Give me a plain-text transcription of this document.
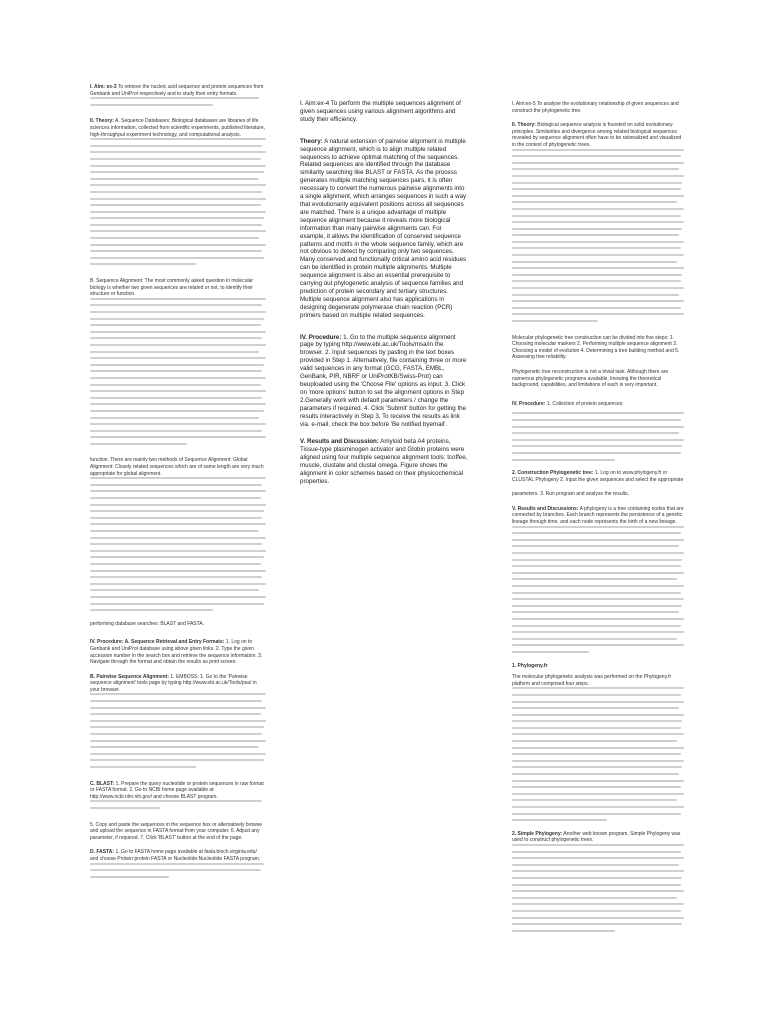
I. Aim: ex-3 To retrieve the nucleic acid sequence and protein sequences from Genbank and UniProt respectively and to study their entry formats.

II. Theory: A. Sequence Databases: Biological databases are libraries of life sciences information, collected from scientific experiments, published literature, high-throughput experiment technology, and computational analysis.

B. Sequence Alignment: The most commonly asked question in molecular biology is whether two given sequences are related or not, to identify their structure or function.

function. There are mainly two methods of Sequence Alignment: Global Alignment: Closely related sequences which are of same length are very much appropriate for global alignment.

performing database searches: BLAST and FASTA.

IV. Procedure: A. Sequence Retrieval and Entry Formats: 1. Log on to Genbank and UniProt database using above given links. 2. Type the given accession number in the search box and retrieve the sequence information. 3. Navigate through the format and obtain the results as print screen.

B. Pairwise Sequence Alignment: 1. EMBOSS: 1. Go to the 'Pairwise sequence alignment' tools page by typing http://www.ebi.ac.uk/Tools/psa/ in your browser.

C. BLAST: 1. Prepare the query nucleotide or protein sequences in raw format or FASTA format. 2. Go to NCBI home page available at http://www.ncbi.nlm.nih.gov/ and choose BLAST program.

5. Copy and paste the sequences in the sequence box or alternatively browse and upload the sequence in FASTA format from your computer. 6. Adjust any parameter, if required. 7. Click 'BLAST' button at the end of the page.

D. FASTA: 1. Go to FASTA home page available at fasta.bioch.virginia.edu/ and choose Protein:protein FASTA or Nucleotide:Nucleotide FASTA program.

I. Aim:ex-4 To perform the multiple sequences alignment of given sequences using various alignment algorithms and study their efficiency.

Theory: A natural extension of pairwise alignment is multiple sequence alignment, which is to align multiple related sequences to achieve optimal matching of the sequences. Related sequences are identified through the database similarity searching like BLAST or FASTA. As the process generates multiple matching sequences pairs, it is often necessary to convert the numerous pairwise alignments into a single alignment, which arranges sequences in such a way that evolutionarily equivalent positions across all sequences are matched. There is a unique advantage of multiple sequence alignment because it reveals more biological information than many pairwise alignments can. For example, it allows the identification of conserved sequence patterns and motifs in the whole sequence family, which are not obvious to detect by comparing only two sequences. Many conserved and functionally critical amino acid residues can be identified in protein multiple alignments. Multiple sequence alignment is also an essential prerequisite to carrying out phylogenetic analysis of sequence families and prediction of protein secondary and tertiary structures. Multiple sequence alignment also has applications in designing degenerate polymerase chain reaction (PCR) primers based on multiple related sequences.

IV. Procedure: 1. Go to the multiple sequence alignment page by typing http://www.ebi.ac.uk/Tools/msa/in the browser. 2. Input sequences by pasting in the text boxes provided in Step 1. Alternatively, file containing three or more valid sequences in any format (GCG, FASTA, EMBL, GenBank, PIR, NBRF or UniProtKB/Swiss-Prot) can beuploaded using the 'Choose File' options as input. 3. Click on 'more options' button to set the alignment options in Step 2.Generally work with default parameters / change the parameters if required. 4. Click 'Submit' button for getting the results interactively in Step 3. To receive the results as link via. e-mail, check the box before 'Be notified byemail'.

V. Results and Discussion: Amyloid beta A4 proteins, Tissue-type plasminogen activator and Globin proteins were aligned using four multiple sequence alignment tools: tcoffee, muscle, clustalw and clustal omega. Figure shows the alignment in color schemes based on their physicochemical properties.

I. Aim:ex-5 To analyse the evolutionary relationship of given sequences and construct the phylogenetic tree.

II. Theory: Biological sequence analysis is founded on solid evolutionary principles. Similarities and divergence among related biological sequences revealed by sequence alignment often have to be rationalized and visualized in the context of phylogenetic trees.

Molecular phylogenetic tree construction can be divided into five steps: 1. Choosing molecular markers 2. Performing multiple sequence alignment 3. Choosing a model of evolution 4. Determining a tree building method and 5. Assessing tree reliability.

Phylogenetic tree reconstruction is not a trivial task. Although there are numerous phylogenetic programs available, knowing the theoretical background, capabilities, and limitations of each is very important.

IV. Procedure: 1. Collection of protein sequences:

2. Construction Phylogenetic tree: 1. Log on to www.phylogeny.fr or CLUSTAL Phylogeny 2. Input the given sequences and select the appropriate

parameters. 3. Run program and analyse the results.

V. Results and Discussions: A phylogeny is a tree containing nodes that are connected by branches. Each branch represents the persistence of a genetic lineage through time, and each node represents the birth of a new lineage.

1. Phylogeny.fr

The molecular phylogenetic analysis was performed on the Phylogeny.fr platform and comprised four steps.

2. Simple Phylogeny: Another web known program, Simple Phylogeny was used to construct phylogenetic trees.
